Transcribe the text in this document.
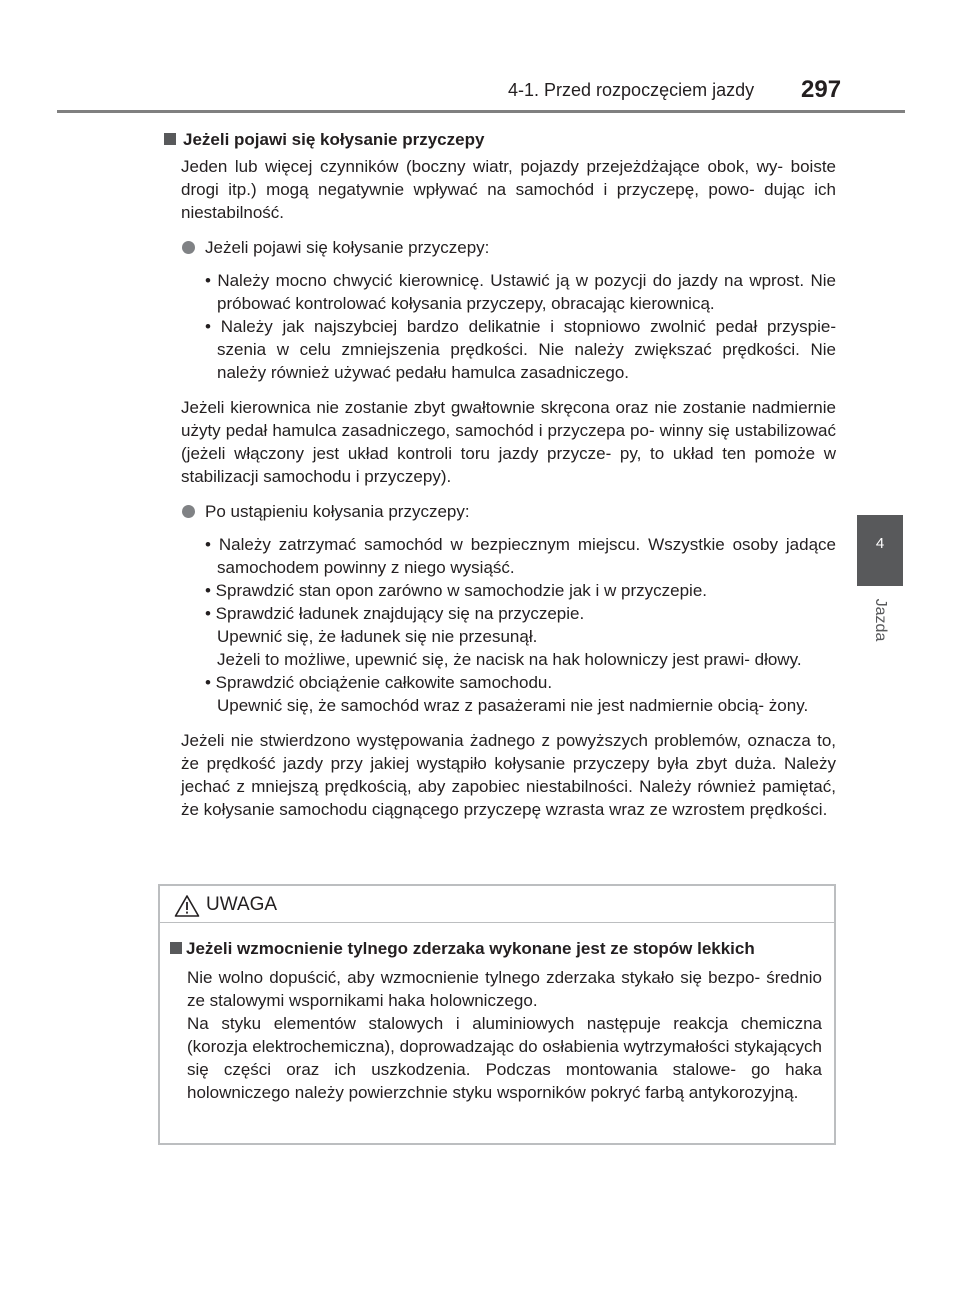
4-1. Przed rozpoczęciem jazdy 297
4
Jazda
Jeżeli pojawi się kołysanie przyczepy
Jeden lub więcej czynników (boczny wiatr, pojazdy przejeżdżające obok, wy- boiste drogi itp.) mogą negatywnie wpływać na samochód i przyczepę, powo- dując ich niestabilność.
Jeżeli pojawi się kołysanie przyczepy:
• Należy mocno chwycić kierownicę. Ustawić ją w pozycji do jazdy na wprost. Nie próbować kontrolować kołysania przyczepy, obracając kierownicą.
• Należy jak najszybciej bardzo delikatnie i stopniowo zwolnić pedał przyspie- szenia w celu zmniejszenia prędkości. Nie należy zwiększać prędkości. Nie należy również używać pedału hamulca zasadniczego.
Jeżeli kierownica nie zostanie zbyt gwałtownie skręcona oraz nie zostanie nadmiernie użyty pedał hamulca zasadniczego, samochód i przyczepa po- winny się ustabilizować (jeżeli włączony jest układ kontroli toru jazdy przycze- py, to układ ten pomoże w stabilizacji samochodu i przyczepy).
Po ustąpieniu kołysania przyczepy:
• Należy zatrzymać samochód w bezpiecznym miejscu. Wszystkie osoby jadące samochodem powinny z niego wysiąść.
• Sprawdzić stan opon zarówno w samochodzie jak i w przyczepie.
• Sprawdzić ładunek znajdujący się na przyczepie.
Upewnić się, że ładunek się nie przesunął.
Jeżeli to możliwe, upewnić się, że nacisk na hak holowniczy jest prawi- dłowy.
• Sprawdzić obciążenie całkowite samochodu.
Upewnić się, że samochód wraz z pasażerami nie jest nadmiernie obcią- żony.
Jeżeli nie stwierdzono występowania żadnego z powyższych problemów, oznacza to, że prędkość jazdy przy jakiej wystąpiło kołysanie przyczepy była zbyt duża. Należy jechać z mniejszą prędkością, aby zapobiec niestabilności. Należy również pamiętać, że kołysanie samochodu ciągnącego przyczepę wzrasta wraz ze wzrostem prędkości.
UWAGA
Jeżeli wzmocnienie tylnego zderzaka wykonane jest ze stopów lekkich
Nie wolno dopuścić, aby wzmocnienie tylnego zderzaka stykało się bezpo- średnio ze stalowymi wspornikami haka holowniczego.
Na styku elementów stalowych i aluminiowych następuje reakcja chemiczna (korozja elektrochemiczna), doprowadzając do osłabienia wytrzymałości stykających się części oraz ich uszkodzenia. Podczas montowania stalowe- go haka holowniczego należy powierzchnie styku wsporników pokryć farbą antykorozyjną.
